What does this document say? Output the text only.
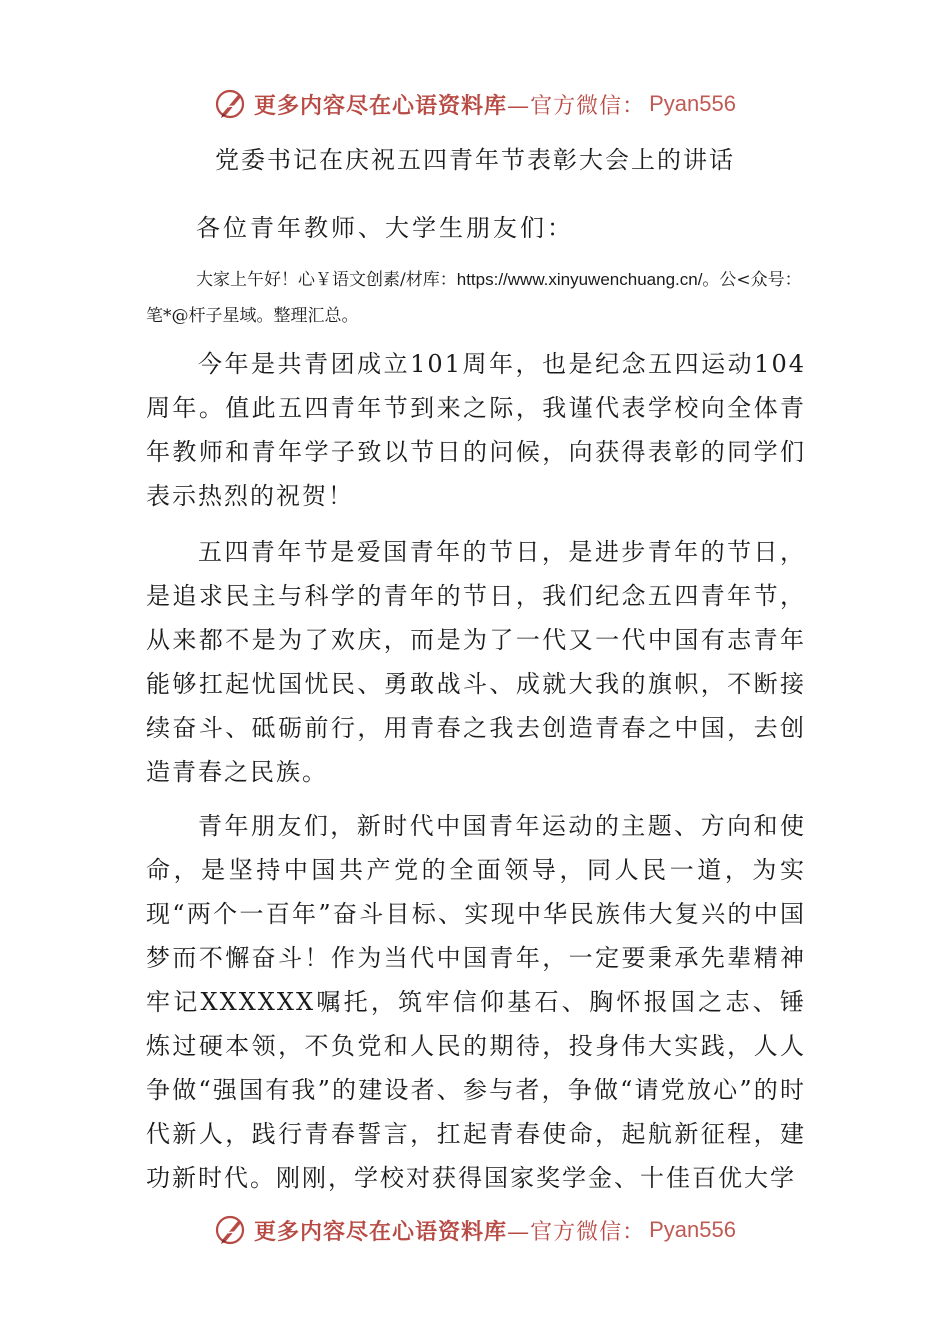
更多内容尽在心语资料库—官方微信： Pyan556
党委书记在庆祝五四青年节表彰大会上的讲话
各位青年教师、大学生朋友们：
大家上午好！心￥语文创素/材库：https://www.xinyuwenchuang.cn/。公<众号：笔*@杆子星域。整理汇总。

今年是共青团成立101周年，也是纪念五四运动104周年。值此五四青年节到来之际，我谨代表学校向全体青年教师和青年学子致以节日的问候，向获得表彰的同学们表示热烈的祝贺！

五四青年节是爱国青年的节日，是进步青年的节日，是追求民主与科学的青年的节日，我们纪念五四青年节，从来都不是为了欢庆，而是为了一代又一代中国有志青年能够扛起忧国忧民、勇敢战斗、成就大我的旗帜，不断接续奋斗、砥砺前行，用青春之我去创造青春之中国，去创造青春之民族。

青年朋友们，新时代中国青年运动的主题、方向和使命，是坚持中国共产党的全面领导，同人民一道，为实现“两个一百年”奋斗目标、实现中华民族伟大复兴的中国梦而不懈奋斗！作为当代中国青年，一定要秉承先辈精神牢记XXXXXX嘱托，筑牢信仰基石、胸怀报国之志、锤炼过硬本领，不负党和人民的期待，投身伟大实践，人人争做“强国有我”的建设者、参与者，争做“请党放心”的时代新人，践行青春誓言，扛起青春使命，起航新征程，建功新时代。刚刚，学校对获得国家奖学金、十佳百优大学

更多内容尽在心语资料库—官方微信： Pyan556
